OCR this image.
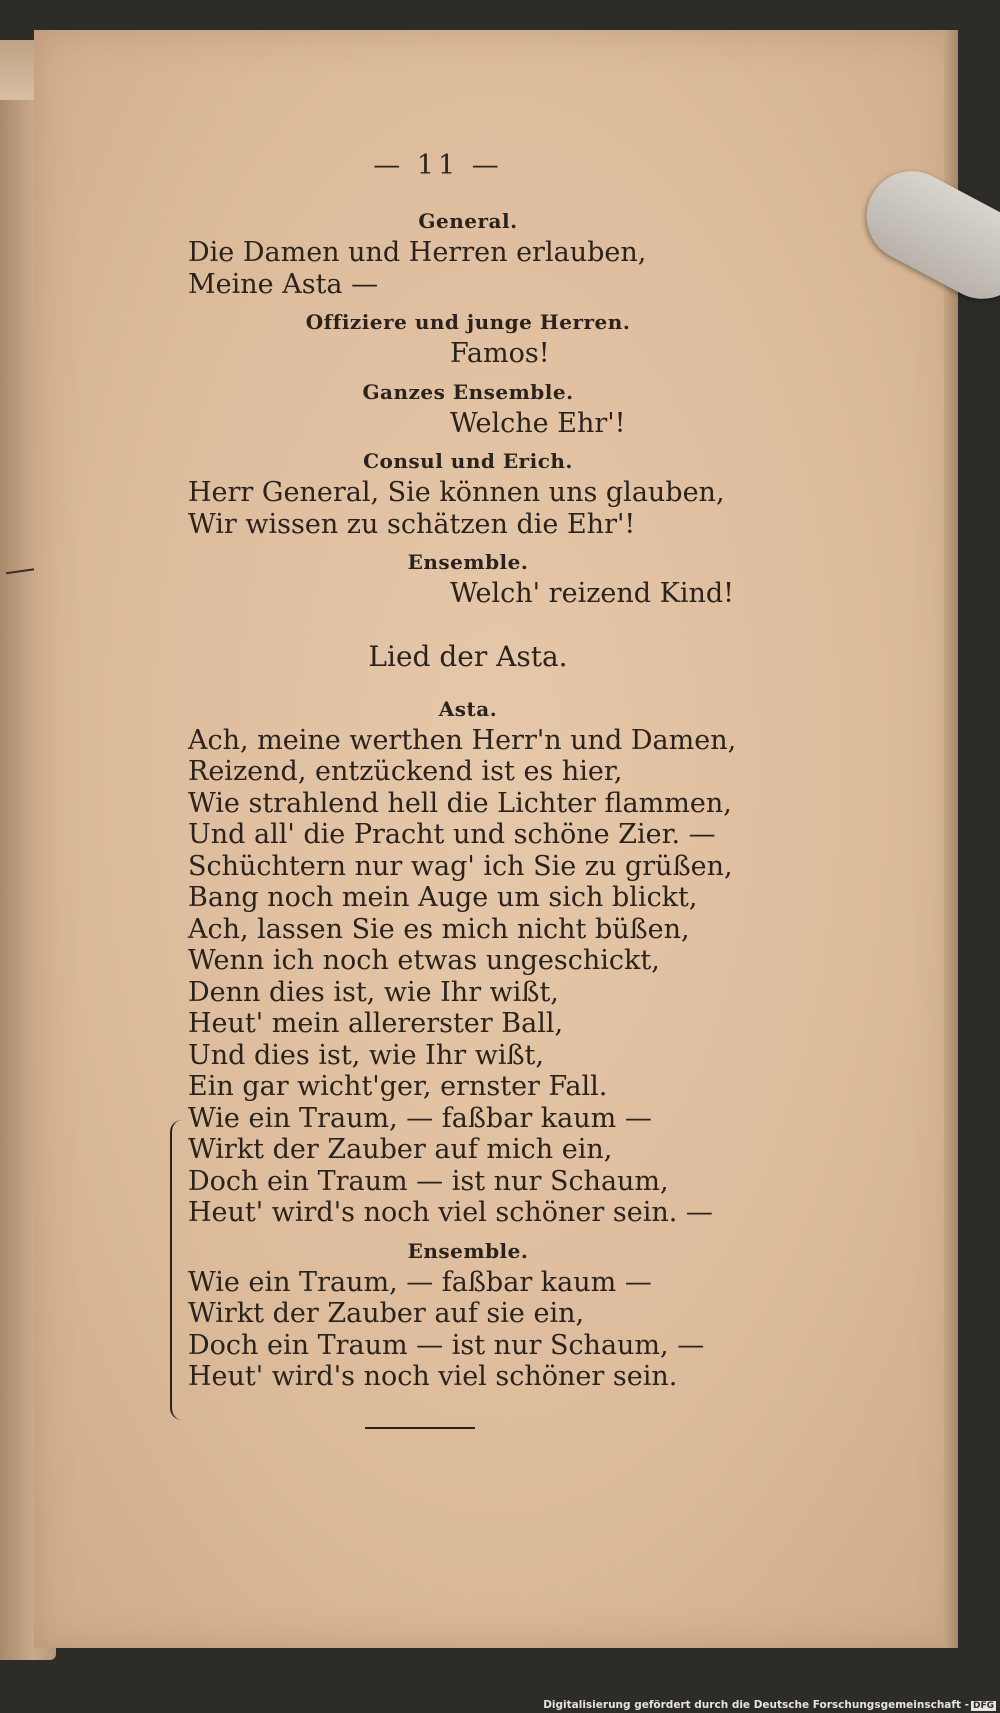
— 11 —
General.
Die Damen und Herren erlauben,
Meine Asta —
Offiziere und junge Herren.
Famos!
Ganzes Ensemble.
Welche Ehr'!
Consul und Erich.
Herr General, Sie können uns glauben,
Wir wissen zu schätzen die Ehr'!
Ensemble.
Welch' reizend Kind!
Lied der Asta.
Asta.
Ach, meine werthen Herr'n und Damen,
Reizend, entzückend ist es hier,
Wie strahlend hell die Lichter flammen,
Und all' die Pracht und schöne Zier. —
Schüchtern nur wag' ich Sie zu grüßen,
Bang noch mein Auge um sich blickt,
Ach, lassen Sie es mich nicht büßen,
Wenn ich noch etwas ungeschickt,
Denn dies ist, wie Ihr wißt,
Heut' mein allererster Ball,
Und dies ist, wie Ihr wißt,
Ein gar wicht'ger, ernster Fall.
Wie ein Traum, — faßbar kaum —
Wirkt der Zauber auf mich ein,
Doch ein Traum — ist nur Schaum,
Heut' wird's noch viel schöner sein. —
Ensemble.
Wie ein Traum, — faßbar kaum —
Wirkt der Zauber auf sie ein,
Doch ein Traum — ist nur Schaum, —
Heut' wird's noch viel schöner sein.
Digitalisierung gefördert durch die Deutsche Forschungsgemeinschaft - DFG
